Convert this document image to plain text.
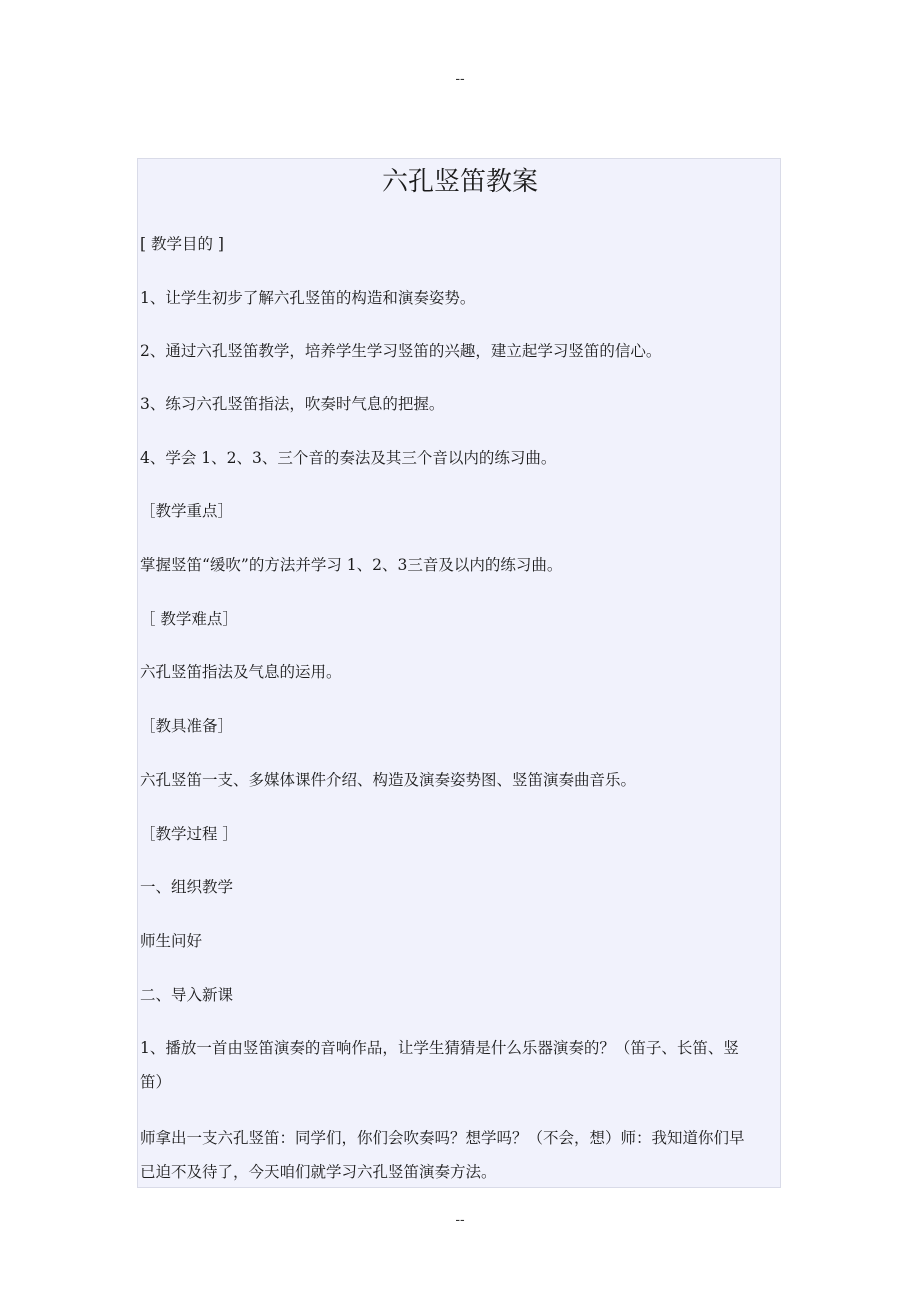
--
六孔竖笛教案
[ 教学目的 ]
1、让学生初步了解六孔竖笛的构造和演奏姿势。
2、通过六孔竖笛教学，培养学生学习竖笛的兴趣，建立起学习竖笛的信心。
3、练习六孔竖笛指法，吹奏时气息的把握。
4、学会 1、2、3、三个音的奏法及其三个音以内的练习曲。
［教学重点］
掌握竖笛“缓吹”的方法并学习 1、2、3三音及以内的练习曲。
［ 教学难点］
六孔竖笛指法及气息的运用。
［教具准备］
六孔竖笛一支、多媒体课件介绍、构造及演奏姿势图、竖笛演奏曲音乐。
［教学过程 ］
一、组织教学
师生问好
二、导入新课
1、播放一首由竖笛演奏的音响作品，让学生猜猜是什么乐器演奏的？（笛子、长笛、竖笛）
师拿出一支六孔竖笛：同学们，你们会吹奏吗？想学吗？（不会，想）师：我知道你们早已迫不及待了，今天咱们就学习六孔竖笛演奏方法。
--
